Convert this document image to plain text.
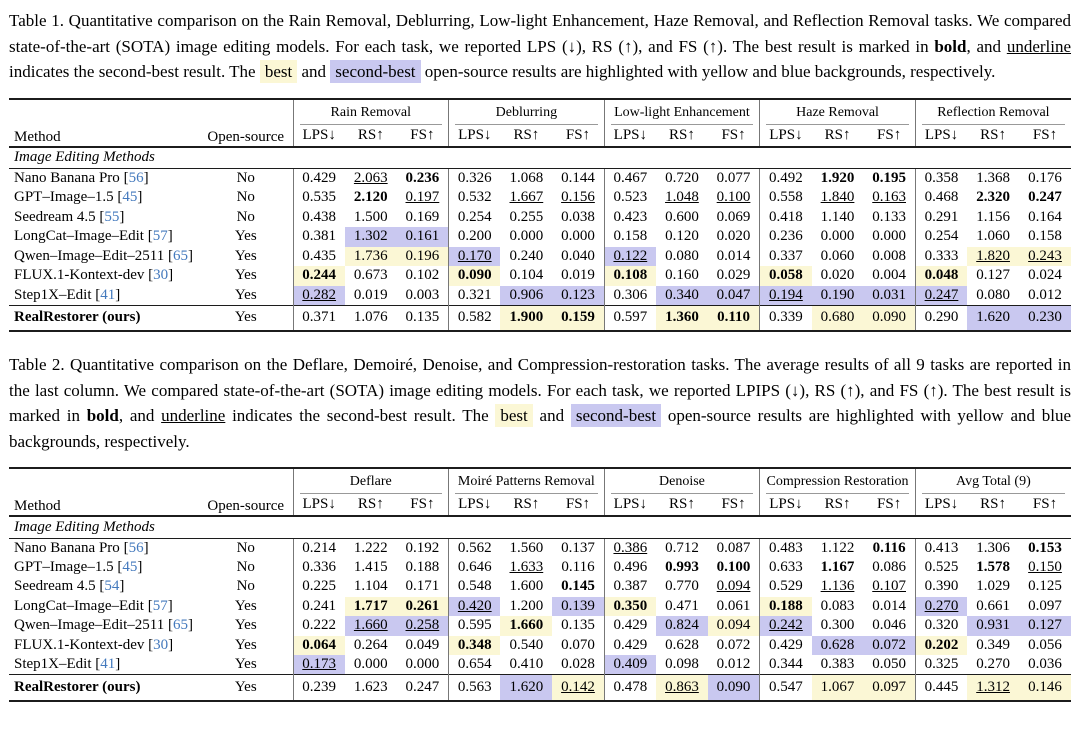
Table 1. Quantitative comparison on the Rain Removal, Deblurring, Low-light Enhancement, Haze Removal, and Reflection Removal tasks. We compared state-of-the-art (SOTA) image editing models. For each task, we reported LPS (↓), RS (↑), and FS (↑). The best result is marked in bold, and underline indicates the second-best result. The best and second-best open-source results are highlighted with yellow and blue backgrounds, respectively.

Method	Open-source	Rain Removal			Deblurring			Low-light Enhancement			Haze Removal			Reflection Removal		

		LPS↓	RS↑	FS↑	LPS↓	RS↑	FS↑	LPS↓	RS↑	FS↑	LPS↓	RS↑	FS↑	LPS↓	RS↑	FS↑
Image Editing Methods																
Nano Banana Pro [56]	No	0.429	2.063	0.236	0.326	1.068	0.144	0.467	0.720	0.077	0.492	1.920	0.195	0.358	1.368	0.176
GPT–Image–1.5 [45]	No	0.535	2.120	0.197	0.532	1.667	0.156	0.523	1.048	0.100	0.558	1.840	0.163	0.468	2.320	0.247
Seedream 4.5 [55]	No	0.438	1.500	0.169	0.254	0.255	0.038	0.423	0.600	0.069	0.418	1.140	0.133	0.291	1.156	0.164
LongCat–Image–Edit [57]	Yes	0.381	1.302	0.161	0.200	0.000	0.000	0.158	0.120	0.020	0.236	0.000	0.000	0.254	1.060	0.158
Qwen–Image–Edit–2511 [65]	Yes	0.435	1.736	0.196	0.170	0.240	0.040	0.122	0.080	0.014	0.337	0.060	0.008	0.333	1.820	0.243
FLUX.1-Kontext-dev [30]	Yes	0.244	0.673	0.102	0.090	0.104	0.019	0.108	0.160	0.029	0.058	0.020	0.004	0.048	0.127	0.024
Step1X–Edit [41]	Yes	0.282	0.019	0.003	0.321	0.906	0.123	0.306	0.340	0.047	0.194	0.190	0.031	0.247	0.080	0.012
RealRestorer (ours)	Yes	0.371	1.076	0.135	0.582	1.900	0.159	0.597	1.360	0.110	0.339	0.680	0.090	0.290	1.620	0.230

Table 2. Quantitative comparison on the Deflare, Demoiré, Denoise, and Compression-restoration tasks. The average results of all 9 tasks are reported in the last column. We compared state-of-the-art (SOTA) image editing models. For each task, we reported LPIPS (↓), RS (↑), and FS (↑). The best result is marked in bold, and underline indicates the second-best result. The best and second-best open-source results are highlighted with yellow and blue backgrounds, respectively.

Method	Open-source	Deflare			Moiré Patterns Removal			Denoise			Compression Restoration			Avg Total (9)		

		LPS↓	RS↑	FS↑	LPS↓	RS↑	FS↑	LPS↓	RS↑	FS↑	LPS↓	RS↑	FS↑	LPS↓	RS↑	FS↑
Image Editing Methods																
Nano Banana Pro [56]	No	0.214	1.222	0.192	0.562	1.560	0.137	0.386	0.712	0.087	0.483	1.122	0.116	0.413	1.306	0.153
GPT–Image–1.5 [45]	No	0.336	1.415	0.188	0.646	1.633	0.116	0.496	0.993	0.100	0.633	1.167	0.086	0.525	1.578	0.150
Seedream 4.5 [54]	No	0.225	1.104	0.171	0.548	1.600	0.145	0.387	0.770	0.094	0.529	1.136	0.107	0.390	1.029	0.125
LongCat–Image–Edit [57]	Yes	0.241	1.717	0.261	0.420	1.200	0.139	0.350	0.471	0.061	0.188	0.083	0.014	0.270	0.661	0.097
Qwen–Image–Edit–2511 [65]	Yes	0.222	1.660	0.258	0.595	1.660	0.135	0.429	0.824	0.094	0.242	0.300	0.046	0.320	0.931	0.127
FLUX.1-Kontext-dev [30]	Yes	0.064	0.264	0.049	0.348	0.540	0.070	0.429	0.628	0.072	0.429	0.628	0.072	0.202	0.349	0.056
Step1X–Edit [41]	Yes	0.173	0.000	0.000	0.654	0.410	0.028	0.409	0.098	0.012	0.344	0.383	0.050	0.325	0.270	0.036
RealRestorer (ours)	Yes	0.239	1.623	0.247	0.563	1.620	0.142	0.478	0.863	0.090	0.547	1.067	0.097	0.445	1.312	0.146
